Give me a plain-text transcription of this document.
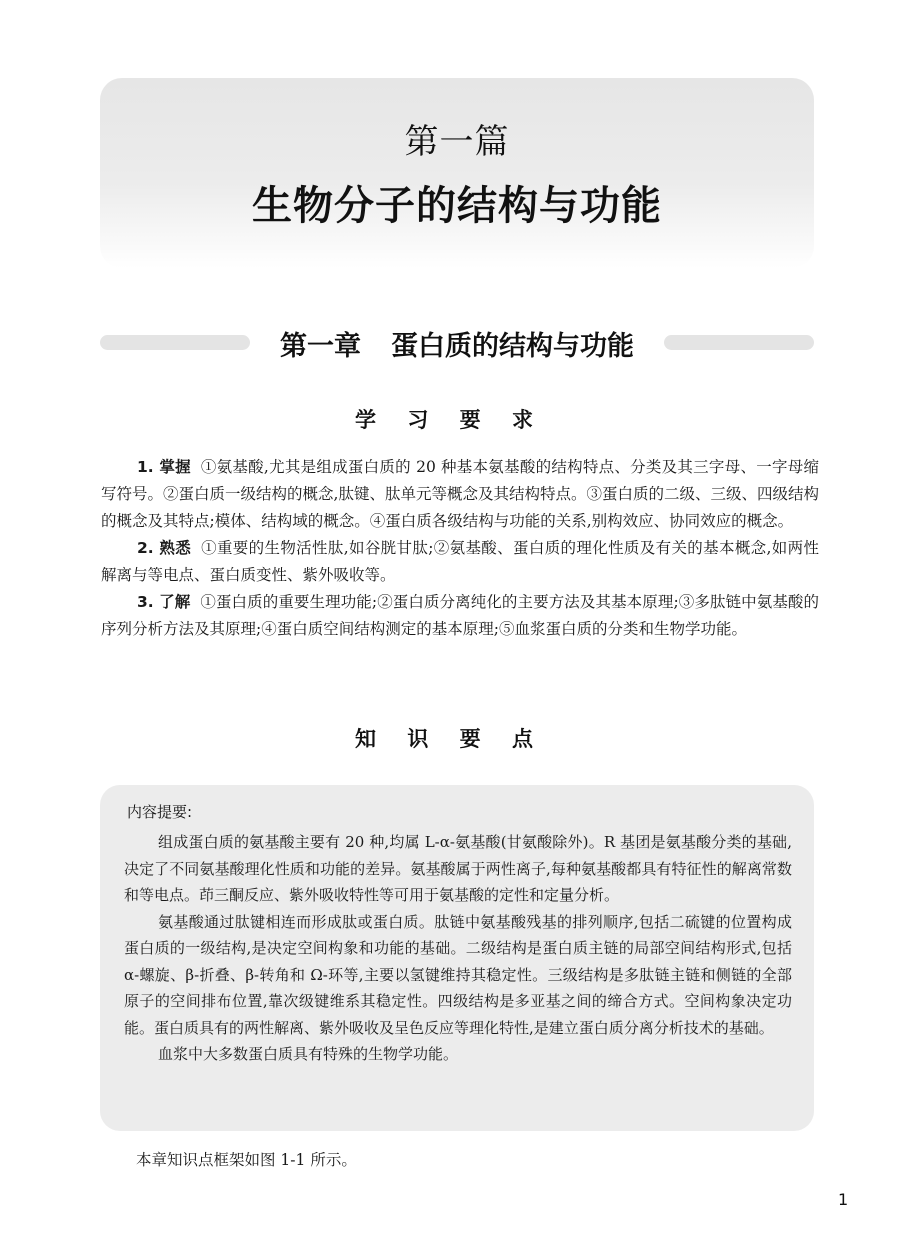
第一篇
生物分子的结构与功能
第一章 蛋白质的结构与功能
学 习 要 求

1. 掌握 ①氨基酸,尤其是组成蛋白质的 20 种基本氨基酸的结构特点、分类及其三字母、一字母缩写符号。②蛋白质一级结构的概念,肽键、肽单元等概念及其结构特点。③蛋白质的二级、三级、四级结构的概念及其特点;模体、结构域的概念。④蛋白质各级结构与功能的关系,别构效应、协同效应的概念。

2. 熟悉 ①重要的生物活性肽,如谷胱甘肽;②氨基酸、蛋白质的理化性质及有关的基本概念,如两性解离与等电点、蛋白质变性、紫外吸收等。

3. 了解 ①蛋白质的重要生理功能;②蛋白质分离纯化的主要方法及其基本原理;③多肽链中氨基酸的序列分析方法及其原理;④蛋白质空间结构测定的基本原理;⑤血浆蛋白质的分类和生物学功能。

知 识 要 点
内容提要:

组成蛋白质的氨基酸主要有 20 种,均属 L-α-氨基酸(甘氨酸除外)。R 基团是氨基酸分类的基础,决定了不同氨基酸理化性质和功能的差异。氨基酸属于两性离子,每种氨基酸都具有特征性的解离常数和等电点。茚三酮反应、紫外吸收特性等可用于氨基酸的定性和定量分析。

氨基酸通过肽键相连而形成肽或蛋白质。肽链中氨基酸残基的排列顺序,包括二硫键的位置构成蛋白质的一级结构,是决定空间构象和功能的基础。二级结构是蛋白质主链的局部空间结构形式,包括 α-螺旋、β-折叠、β-转角和 Ω-环等,主要以氢键维持其稳定性。三级结构是多肽链主链和侧链的全部原子的空间排布位置,靠次级键维系其稳定性。四级结构是多亚基之间的缔合方式。空间构象决定功能。蛋白质具有的两性解离、紫外吸收及呈色反应等理化特性,是建立蛋白质分离分析技术的基础。

血浆中大多数蛋白质具有特殊的生物学功能。

本章知识点框架如图 1-1 所示。
1
